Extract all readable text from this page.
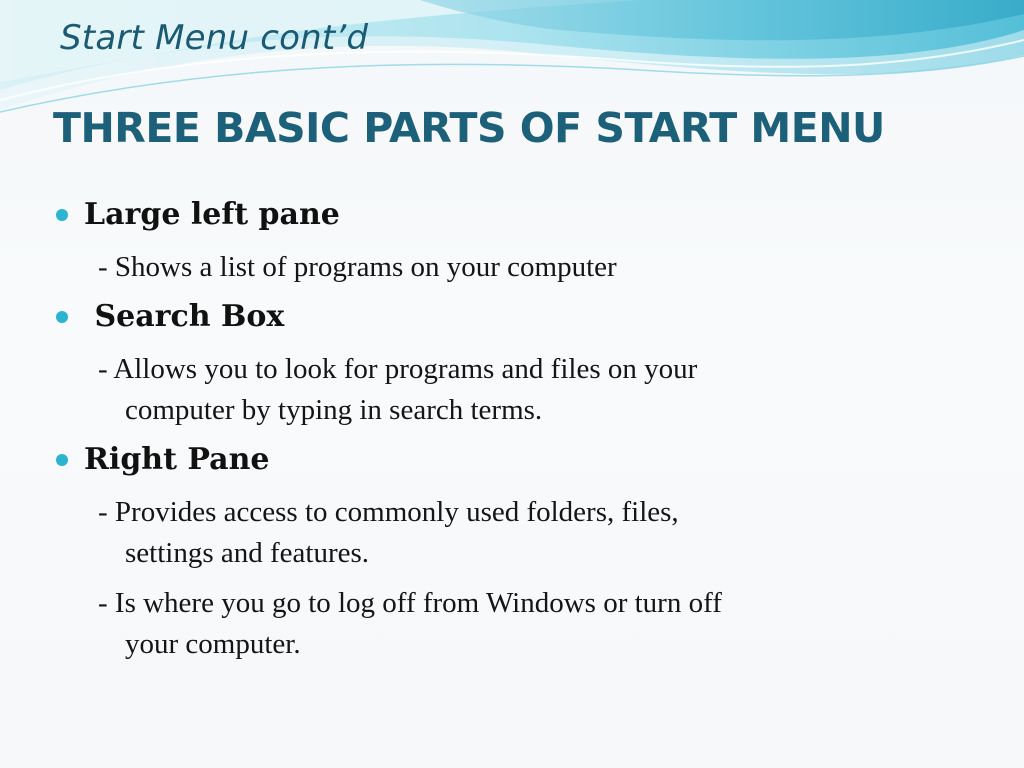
Start Menu cont’d
THREE BASIC PARTS OF START MENU
Large left pane

- Shows a list of programs on your computer

Search Box

- Allows you to look for programs and files on your
computer by typing in search terms.

Right Pane

- Provides access to commonly used folders, files,
settings and features.

- Is where you go to log off from Windows or turn off
your computer.
